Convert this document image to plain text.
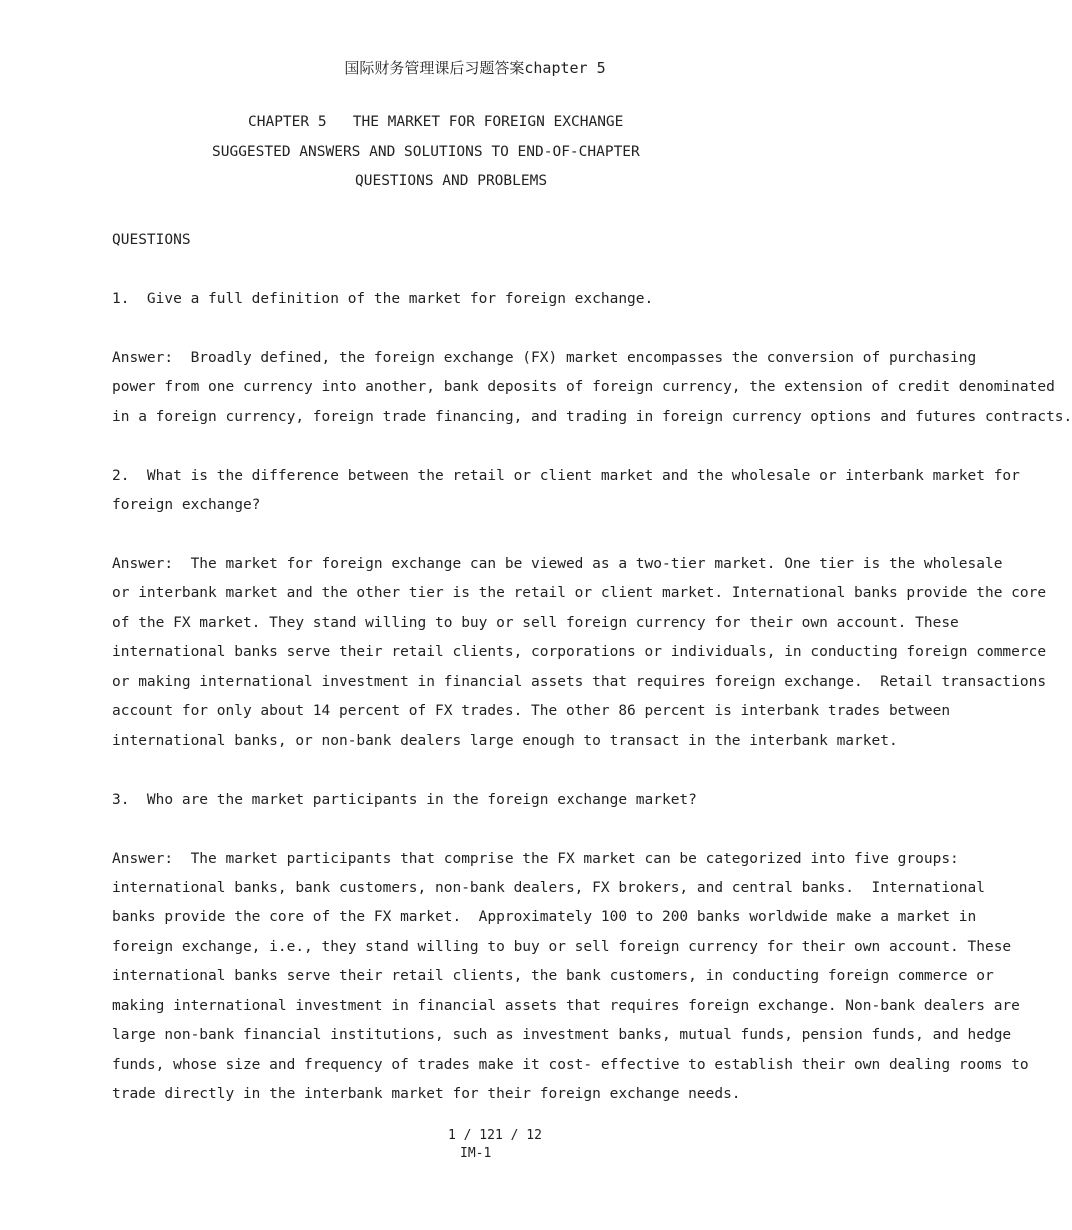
国际财务管理课后习题答案chapter 5
CHAPTER 5   THE MARKET FOR FOREIGN EXCHANGE
SUGGESTED ANSWERS AND SOLUTIONS TO END-OF-CHAPTER
QUESTIONS AND PROBLEMS
QUESTIONS
1.  Give a full definition of the market for foreign exchange.
Answer:  Broadly defined, the foreign exchange (FX) market encompasses the conversion of purchasing
power from one currency into another, bank deposits of foreign currency, the extension of credit denominated
in a foreign currency, foreign trade financing, and trading in foreign currency options and futures contracts.
2.  What is the difference between the retail or client market and the wholesale or interbank market for
foreign exchange?
Answer:  The market for foreign exchange can be viewed as a two-tier market. One tier is the wholesale
or interbank market and the other tier is the retail or client market. International banks provide the core
of the FX market. They stand willing to buy or sell foreign currency for their own account. These
international banks serve their retail clients, corporations or individuals, in conducting foreign commerce
or making international investment in financial assets that requires foreign exchange.  Retail transactions
account for only about 14 percent of FX trades. The other 86 percent is interbank trades between
international banks, or non-bank dealers large enough to transact in the interbank market.
3.  Who are the market participants in the foreign exchange market?
Answer:  The market participants that comprise the FX market can be categorized into five groups:
international banks, bank customers, non-bank dealers, FX brokers, and central banks.  International
banks provide the core of the FX market.  Approximately 100 to 200 banks worldwide make a market in
foreign exchange, i.e., they stand willing to buy or sell foreign currency for their own account. These
international banks serve their retail clients, the bank customers, in conducting foreign commerce or
making international investment in financial assets that requires foreign exchange. Non-bank dealers are
large non-bank financial institutions, such as investment banks, mutual funds, pension funds, and hedge
funds, whose size and frequency of trades make it cost- effective to establish their own dealing rooms to
trade directly in the interbank market for their foreign exchange needs.
1 / 121 / 12
IM-1
